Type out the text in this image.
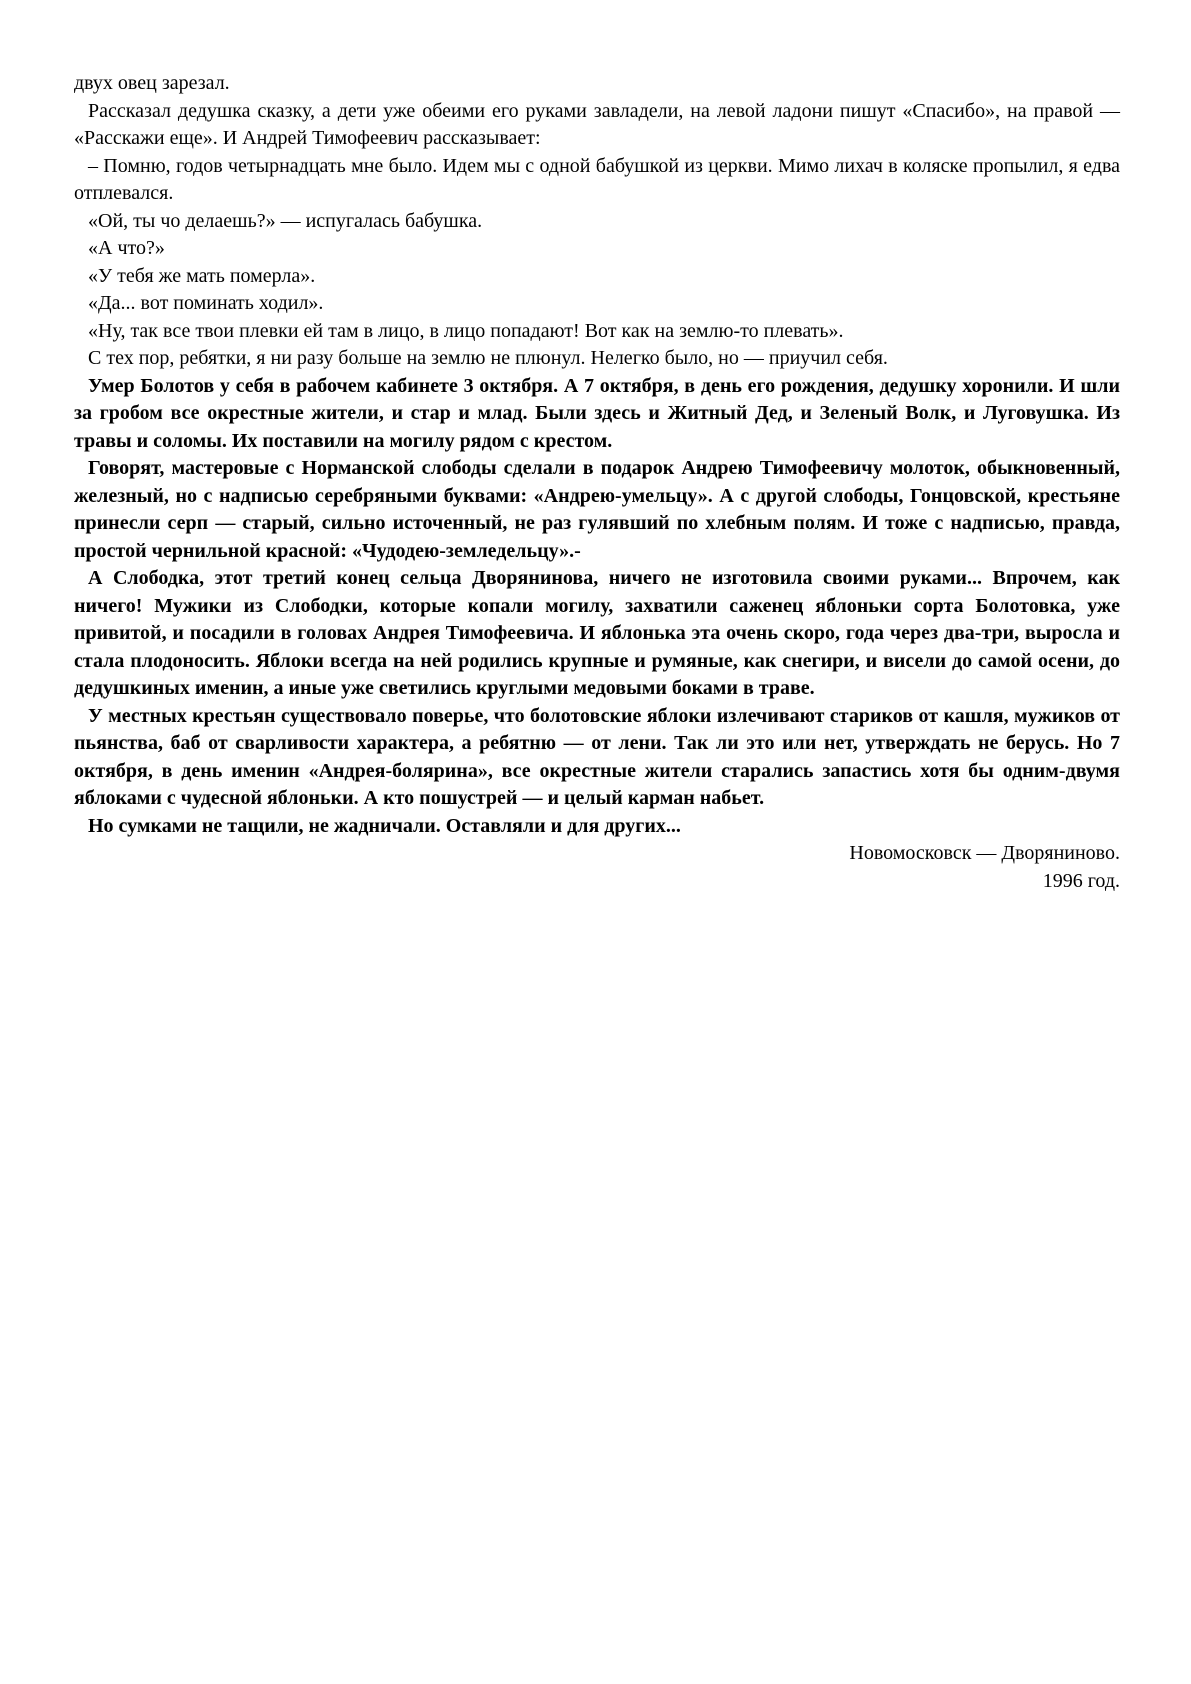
двух овец зарезал.

Рассказал дедушка сказку, а дети уже обеими его руками завладели, на левой ладони пишут «Спасибо», на правой — «Расскажи еще». И Андрей Тимофеевич рассказывает:

– Помню, годов четырнадцать мне было. Идем мы с одной бабушкой из церкви. Мимо лихач в коляске пропылил, я едва отплевался.

«Ой, ты чо делаешь?» — испугалась бабушка.

«А что?»

«У тебя же мать померла».

«Да... вот поминать ходил».

«Ну, так все твои плевки ей там в лицо, в лицо попадают! Вот как на землю-то плевать».

С тех пор, ребятки, я ни разу больше на землю не плюнул. Нелегко было, но — приучил себя.

Умер Болотов у себя в рабочем кабинете 3 октября. А 7 октября, в день его рождения, дедушку хоронили. И шли за гробом все окрестные жители, и стар и млад. Были здесь и Житный Дед, и Зеленый Волк, и Луговушка. Из травы и соломы. Их поставили на могилу рядом с крестом.

Говорят, мастеровые с Норманской слободы сделали в подарок Андрею Тимофеевичу молоток, обыкновенный, железный, но с надписью серебряными буквами: «Андрею-умельцу». А с другой слободы, Гонцовской, крестьяне принесли серп — старый, сильно источенный, не раз гулявший по хлебным полям. И тоже с надписью, правда, простой чернильной красной: «Чудодею-земледельцу».-

А Слободка, этот третий конец сельца Дворянинова, ничего не изготовила своими руками... Впрочем, как ничего! Мужики из Слободки, которые копали могилу, захватили саженец яблоньки сорта Болотовка, уже привитой, и посадили в головах Андрея Тимофеевича. И яблонька эта очень скоро, года через два-три, выросла и стала плодоносить. Яблоки всегда на ней родились крупные и румяные, как снегири, и висели до самой осени, до дедушкиных именин, а иные уже светились круглыми медовыми боками в траве.

У местных крестьян существовало поверье, что болотовские яблоки излечивают стариков от кашля, мужиков от пьянства, баб от сварливости характера, а ребятню — от лени. Так ли это или нет, утверждать не берусь. Но 7 октября, в день именин «Андрея-болярина», все окрестные жители старались запастись хотя бы одним-двумя яблоками с чудесной яблоньки. А кто пошустрей — и целый карман набьет.

Но сумками не тащили, не жадничали. Оставляли и для других...

Новомосковск — Дворяниново.

1996 год.
